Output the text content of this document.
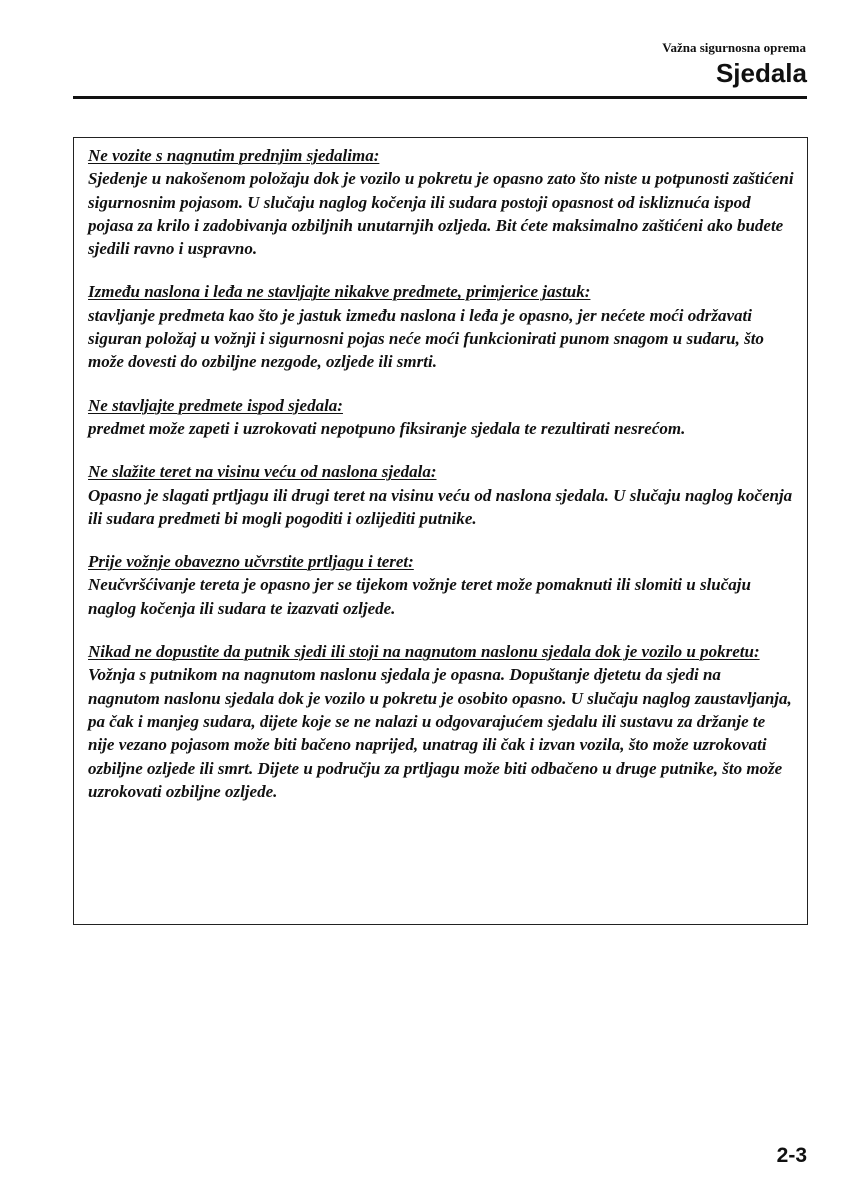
Važna sigurnosna oprema
Sjedala

Ne vozite s nagnutim prednjim sjedalima:

Sjedenje u nakošenom položaju dok je vozilo u pokretu je opasno zato što niste u potpunosti zaštićeni sigurnosnim pojasom. U slučaju naglog kočenja ili sudara postoji opasnost od iskliznuća ispod pojasa za krilo i zadobivanja ozbiljnih unutarnjih ozljeda. Bit ćete maksimalno zaštićeni ako budete sjedili ravno i uspravno.

Između naslona i leđa ne stavljajte nikakve predmete, primjerice jastuk:

stavljanje predmeta kao što je jastuk između naslona i leđa je opasno, jer nećete moći održavati siguran položaj u vožnji i sigurnosni pojas neće moći funkcionirati punom snagom u sudaru, što može dovesti do ozbiljne nezgode, ozljede ili smrti.

Ne stavljajte predmete ispod sjedala:

predmet može zapeti i uzrokovati nepotpuno fiksiranje sjedala te rezultirati nesrećom.

Ne slažite teret na visinu veću od naslona sjedala:

Opasno je slagati prtljagu ili drugi teret na visinu veću od naslona sjedala. U slučaju naglog kočenja ili sudara predmeti bi mogli pogoditi i ozlijediti putnike.

Prije vožnje obavezno učvrstite prtljagu i teret:

Neučvršćivanje tereta je opasno jer se tijekom vožnje teret može pomaknuti ili slomiti u slučaju naglog kočenja ili sudara te izazvati ozljede.

Nikad ne dopustite da putnik sjedi ili stoji na nagnutom naslonu sjedala dok je vozilo u pokretu:

Vožnja s putnikom na nagnutom naslonu sjedala je opasna. Dopuštanje djetetu da sjedi na nagnutom naslonu sjedala dok je vozilo u pokretu je osobito opasno. U slučaju naglog zaustavljanja, pa čak i manjeg sudara, dijete koje se ne nalazi u odgovarajućem sjedalu ili sustavu za držanje te nije vezano pojasom može biti bačeno naprijed, unatrag ili čak i izvan vozila, što može uzrokovati ozbiljne ozljede ili smrt. Dijete u području za prtljagu može biti odbačeno u druge putnike, što može uzrokovati ozbiljne ozljede.

2-3
